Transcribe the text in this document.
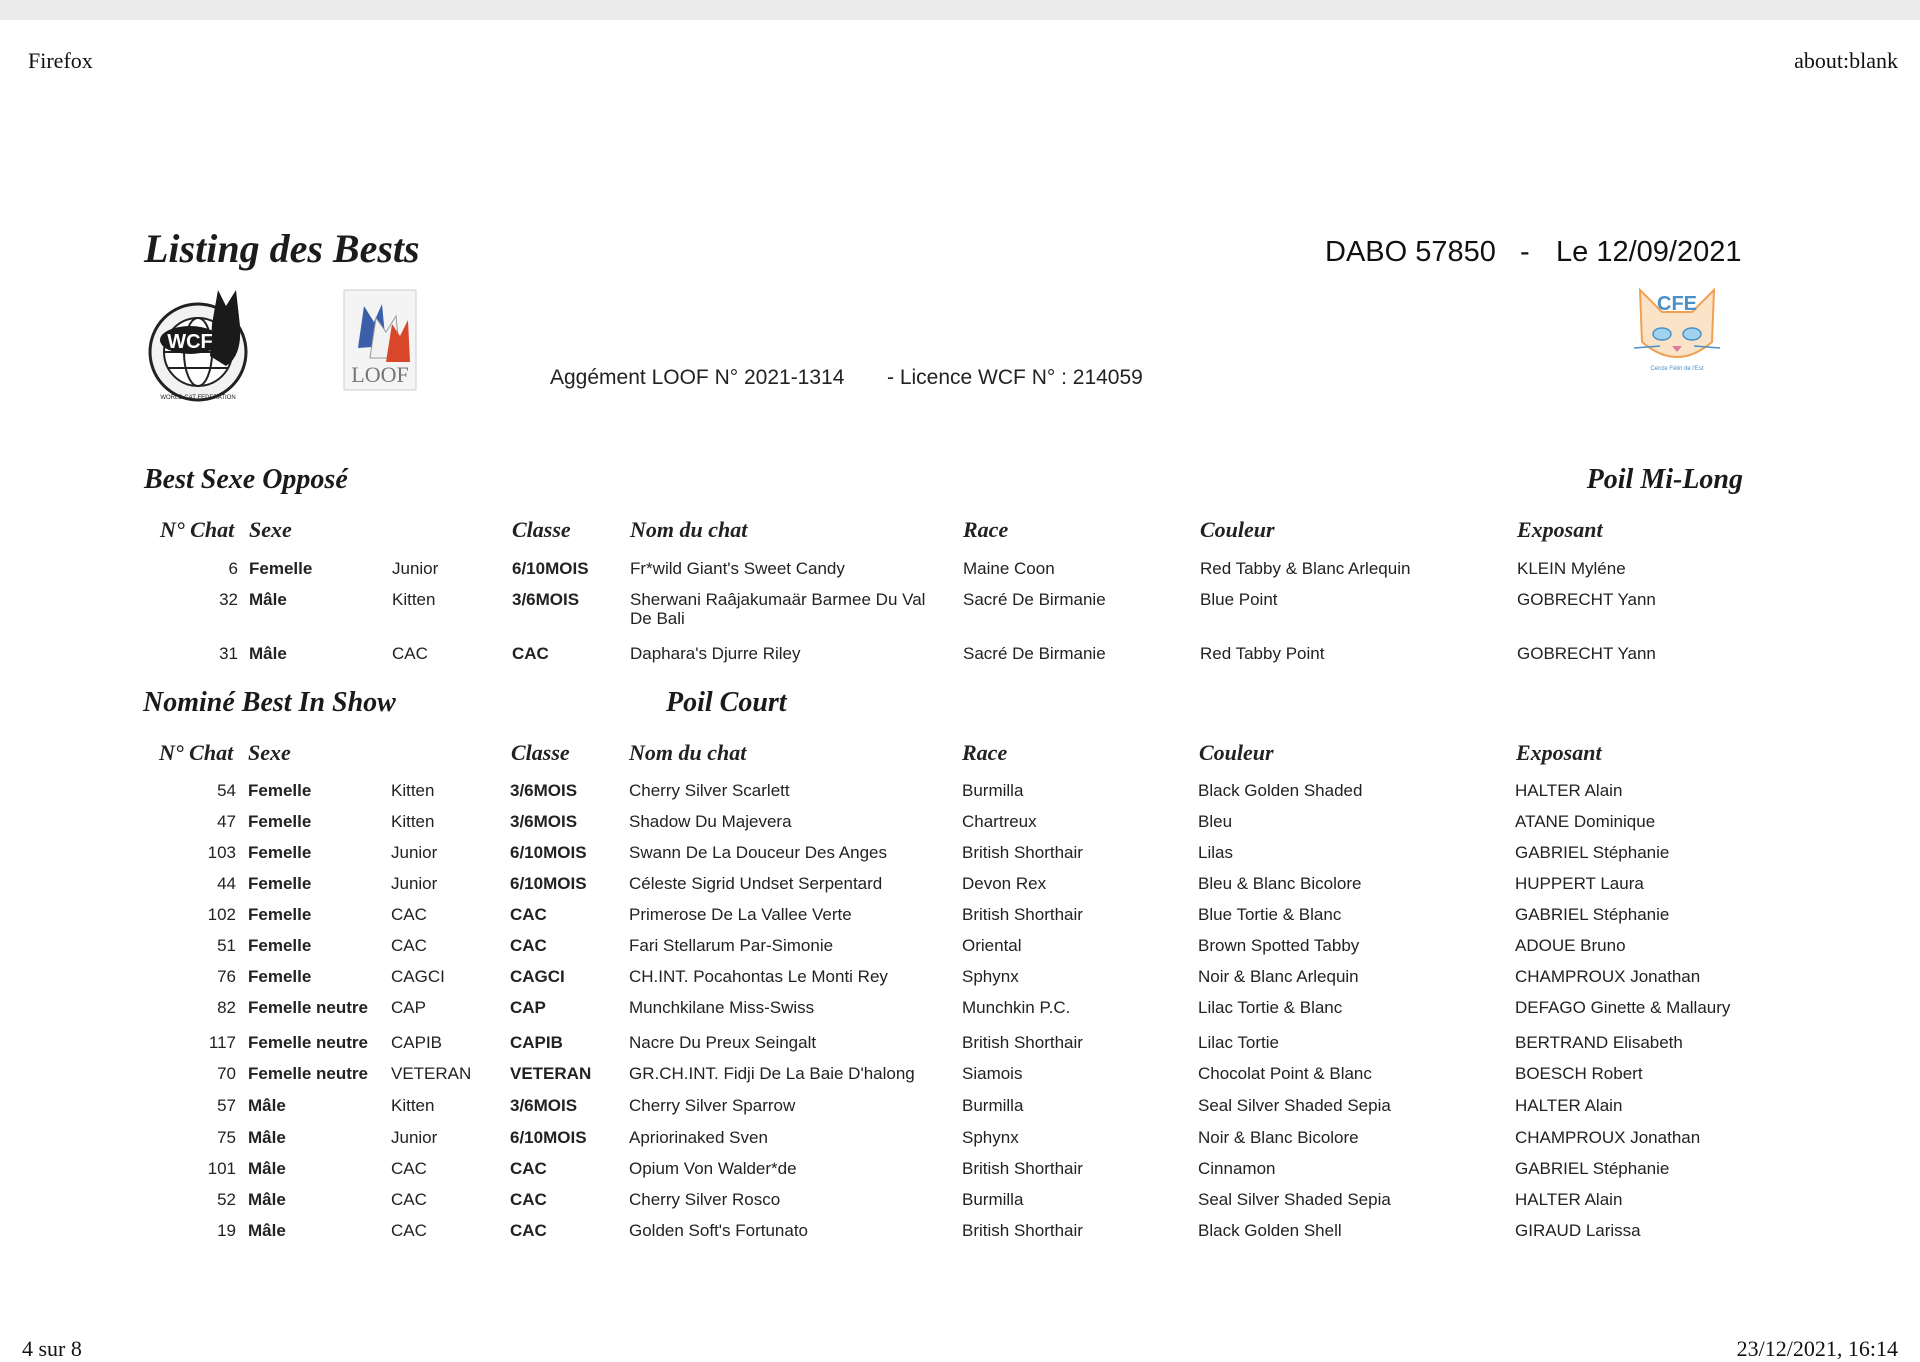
Firefox	about:blank
4 sur 8	23/12/2021, 16:14
Listing des Bests	DABO 57850 - Le 12/09/2021
WCF
WORLD CAT FEDERATION
LOOF
CFE
Cercle Félin de l'Est
Aggément LOOF N° 2021-1314 - Licence WCF N° : 214059
Best Sexe Opposé	Poil Mi-Long
N° Chat Sexe	Classe	Nom du chat	Race	Couleur	Exposant
6 Femelle	Junior	6/10MOIS Fr*wild Giant's Sweet Candy	Maine Coon	Red Tabby & Blanc Arlequin	KLEIN Myléne
32 Mâle	Kitten	3/6MOIS	Sherwani Raâjakumaär Barmee Du Val
De Bali
Sacré De Birmanie	Blue Point	GOBRECHT Yann
31 Mâle	CAC	CAC	Daphara's Djurre Riley	Sacré De Birmanie	Red Tabby Point	GOBRECHT Yann
Nominé Best In Show	Poil Court
N° Chat Sexe	Classe	Nom du chat	Race	Couleur	Exposant
54 Femelle	Kitten	3/6MOIS	Cherry Silver Scarlett	Burmilla	Black Golden Shaded	HALTER Alain
47 Femelle	Kitten	3/6MOIS	Shadow Du Majevera	Chartreux	Bleu	ATANE Dominique
103 Femelle	Junior	6/10MOIS Swann De La Douceur Des Anges	British Shorthair	Lilas	GABRIEL Stéphanie
44 Femelle	Junior	6/10MOIS Céleste Sigrid Undset Serpentard	Devon Rex	Bleu & Blanc Bicolore	HUPPERT Laura
102 Femelle	CAC	CAC	Primerose De La Vallee Verte	British Shorthair	Blue Tortie & Blanc	GABRIEL Stéphanie
51 Femelle	CAC	CAC	Fari Stellarum Par-Simonie	Oriental	Brown Spotted Tabby	ADOUE Bruno
76 Femelle	CAGCI	CAGCI	CH.INT. Pocahontas Le Monti Rey	Sphynx	Noir & Blanc Arlequin	CHAMPROUX Jonathan
82 Femelle neutre CAP	CAP	Munchkilane Miss-Swiss	Munchkin P.C.	Lilac Tortie & Blanc	DEFAGO Ginette & Mallaury
117 Femelle neutre CAPIB	CAPIB	Nacre Du Preux Seingalt	British Shorthair	Lilac Tortie	BERTRAND Elisabeth
70 Femelle neutre VETERAN VETERAN GR.CH.INT. Fidji De La Baie D'halong	Siamois	Chocolat Point & Blanc	BOESCH Robert
57 Mâle	Kitten	3/6MOIS	Cherry Silver Sparrow	Burmilla	Seal Silver Shaded Sepia	HALTER Alain
75 Mâle	Junior	6/10MOIS Apriorinaked Sven	Sphynx	Noir & Blanc Bicolore	CHAMPROUX Jonathan
101 Mâle	CAC	CAC	Opium Von Walder*de	British Shorthair	Cinnamon	GABRIEL Stéphanie
52 Mâle	CAC	CAC	Cherry Silver Rosco	Burmilla	Seal Silver Shaded Sepia	HALTER Alain
19 Mâle	CAC	CAC	Golden Soft's Fortunato	British Shorthair	Black Golden Shell	GIRAUD Larissa
